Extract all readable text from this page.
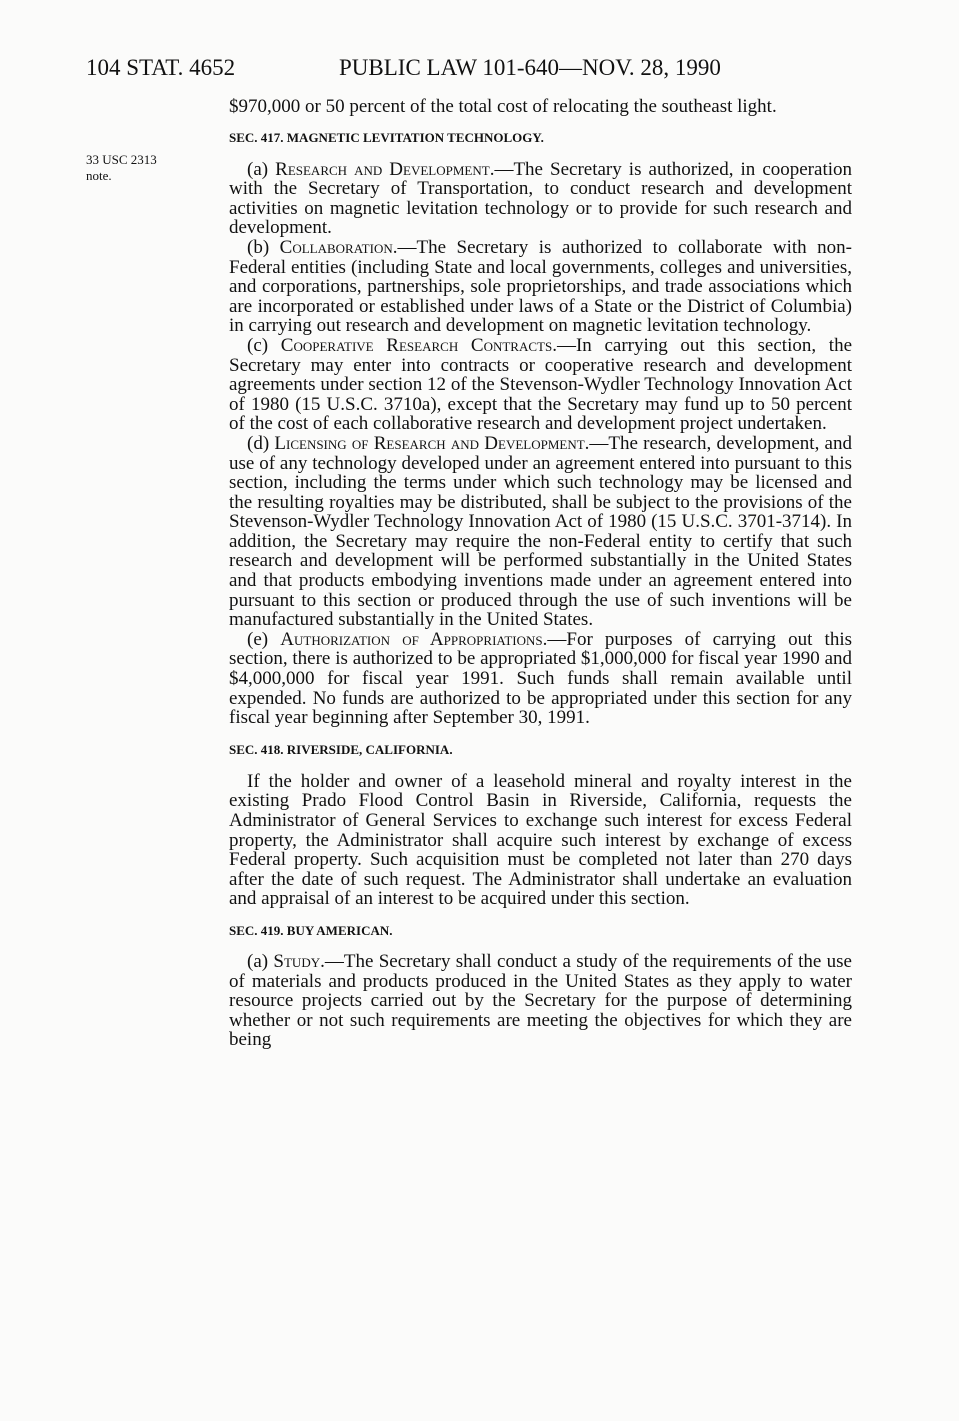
104 STAT. 4652	PUBLIC LAW 101-640—NOV. 28, 1990
33 USC 2313
note.

$970,000 or 50 percent of the total cost of relocating the southeast light.

SEC. 417. MAGNETIC LEVITATION TECHNOLOGY.

(a) Research and Development.—The Secretary is authorized, in cooperation with the Secretary of Transportation, to conduct research and development activities on magnetic levitation technology or to provide for such research and development.

(b) Collaboration.—The Secretary is authorized to collaborate with non-Federal entities (including State and local governments, colleges and universities, and corporations, partnerships, sole proprietorships, and trade associations which are incorporated or established under laws of a State or the District of Columbia) in carrying out research and development on magnetic levitation technology.

(c) Cooperative Research Contracts.—In carrying out this section, the Secretary may enter into contracts or cooperative research and development agreements under section 12 of the Stevenson-Wydler Technology Innovation Act of 1980 (15 U.S.C. 3710a), except that the Secretary may fund up to 50 percent of the cost of each collaborative research and development project undertaken.

(d) Licensing of Research and Development.—The research, development, and use of any technology developed under an agreement entered into pursuant to this section, including the terms under which such technology may be licensed and the resulting royalties may be distributed, shall be subject to the provisions of the Stevenson-Wydler Technology Innovation Act of 1980 (15 U.S.C. 3701-3714). In addition, the Secretary may require the non-Federal entity to certify that such research and development will be performed substantially in the United States and that products embodying inventions made under an agreement entered into pursuant to this section or produced through the use of such inventions will be manufactured substantially in the United States.

(e) Authorization of Appropriations.—For purposes of carrying out this section, there is authorized to be appropriated $1,000,000 for fiscal year 1990 and $4,000,000 for fiscal year 1991. Such funds shall remain available until expended. No funds are authorized to be appropriated under this section for any fiscal year beginning after September 30, 1991.

SEC. 418. RIVERSIDE, CALIFORNIA.

If the holder and owner of a leasehold mineral and royalty interest in the existing Prado Flood Control Basin in Riverside, California, requests the Administrator of General Services to exchange such interest for excess Federal property, the Administrator shall acquire such interest by exchange of excess Federal property. Such acquisition must be completed not later than 270 days after the date of such request. The Administrator shall undertake an evaluation and appraisal of an interest to be acquired under this section.

SEC. 419. BUY AMERICAN.

(a) Study.—The Secretary shall conduct a study of the requirements of the use of materials and products produced in the United States as they apply to water resource projects carried out by the Secretary for the purpose of determining whether or not such requirements are meeting the objectives for which they are being
